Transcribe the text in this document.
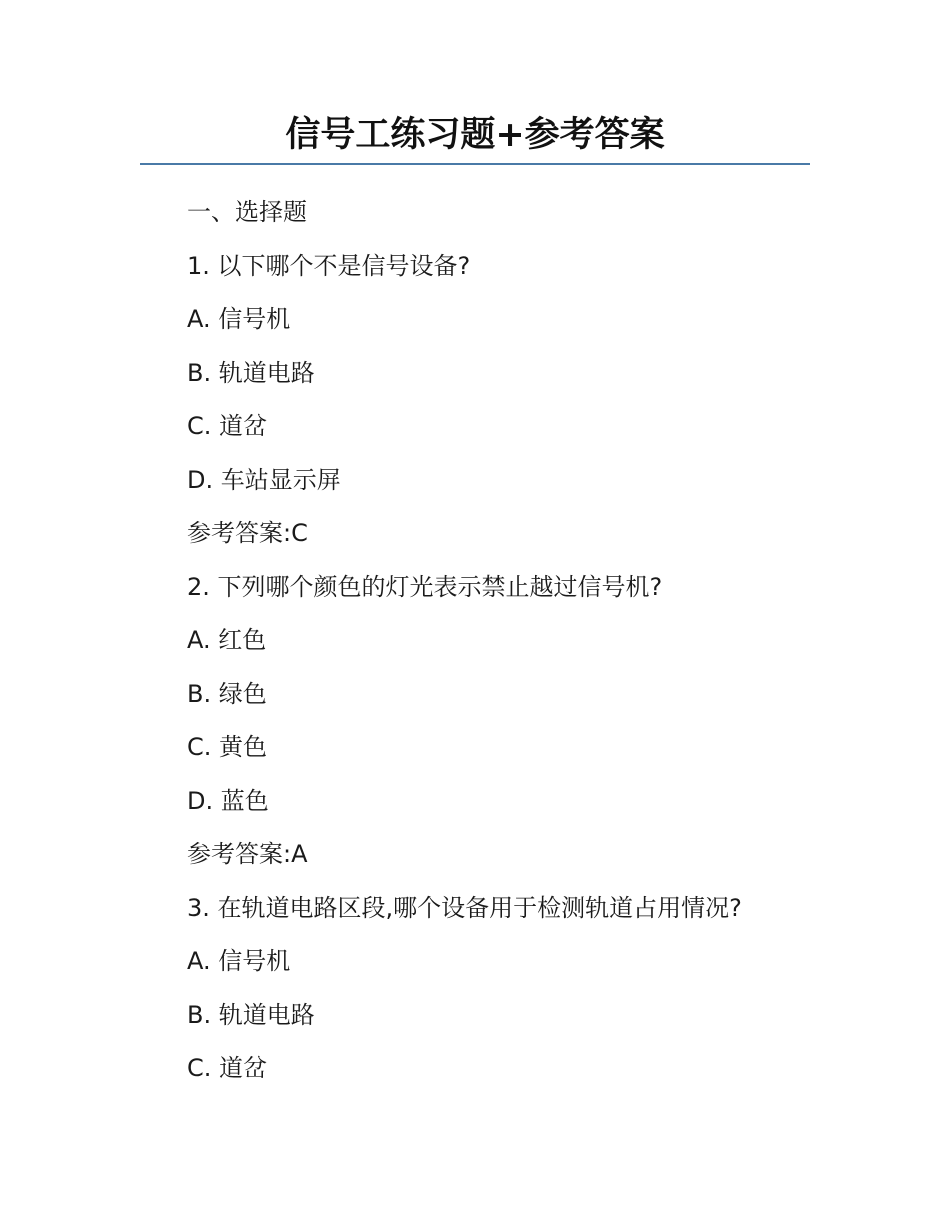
信号工练习题+参考答案
一、选择题
1. 以下哪个不是信号设备?
A. 信号机
B. 轨道电路
C. 道岔
D. 车站显示屏
参考答案:C
2. 下列哪个颜色的灯光表示禁止越过信号机?
A. 红色
B. 绿色
C. 黄色
D. 蓝色
参考答案:A
3. 在轨道电路区段,哪个设备用于检测轨道占用情况?
A. 信号机
B. 轨道电路
C. 道岔
